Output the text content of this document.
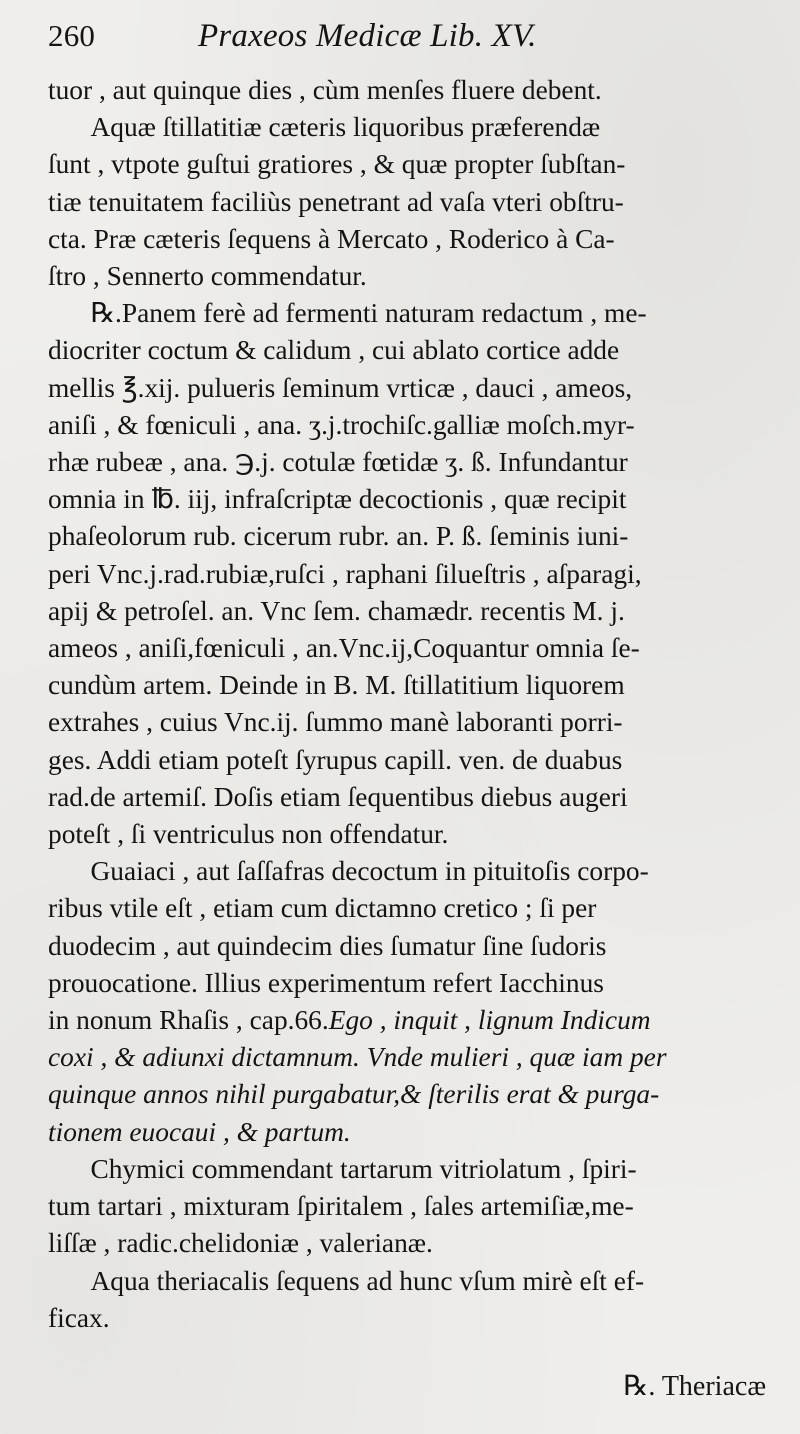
260	Praxeos Medicæ Lib. XV.

tuor , aut quinque dies , cùm menſes fluere debent.

Aquæ ſtillatitiæ cæteris liquoribus præferendæ
ſunt , vtpote guſtui gratiores , & quæ propter ſubſtan-
tiæ tenuitatem faciliùs penetrant ad vaſa vteri obſtru-
cta. Præ cæteris ſequens à Mercato , Roderico à Ca-
ſtro , Sennerto commendatur.

℞.Panem ferè ad fermenti naturam redactum , me-
diocriter coctum & calidum , cui ablato cortice adde
mellis ℥.xij. pulueris ſeminum vrticæ , dauci , ameos,
aniſi , & fœniculi , ana. ʒ.j.trochiſc.galliæ moſch.myr-
rhæ rubeæ , ana. ℈.j. cotulæ fœtidæ ʒ. ß. Infundantur
omnia in ℔. iij, infraſcriptæ decoctionis , quæ recipit
phaſeolorum rub. cicerum rubr. an. P. ß. ſeminis iuni-
peri Vnc.j.rad.rubiæ,ruſci , raphani ſilueſtris , aſparagi,
apij & petroſel. an. Vnc ſem. chamædr. recentis M. j.
ameos , aniſi,fœniculi , an.Vnc.ij,Coquantur omnia ſe-
cundùm artem. Deinde in B. M. ſtillatitium liquorem
extrahes , cuius Vnc.ij. ſummo manè laboranti porri-
ges. Addi etiam poteſt ſyrupus capill. ven. de duabus
rad.de artemiſ. Doſis etiam ſequentibus diebus augeri
poteſt , ſi ventriculus non offendatur.

Guaiaci , aut ſaſſafras decoctum in pituitoſis corpo-
ribus vtile eſt , etiam cum dictamno cretico ; ſi per
duodecim , aut quindecim dies ſumatur ſine ſudoris
prouocatione. Illius experimentum refert Iacchinus
in nonum Rhaſis , cap.66.Ego , inquit , lignum Indicum
coxi , & adiunxi dictamnum. Vnde mulieri , quæ iam per
quinque annos nihil purgabatur,& ſterilis erat & purga-
tionem euocaui , & partum.

Chymici commendant tartarum vitriolatum , ſpiri-
tum tartari , mixturam ſpiritalem , ſales artemiſiæ,me-
liſſæ , radic.chelidoniæ , valerianæ.

Aqua theriacalis ſequens ad hunc vſum mirè eſt ef-
ficax.

℞. Theriacæ
